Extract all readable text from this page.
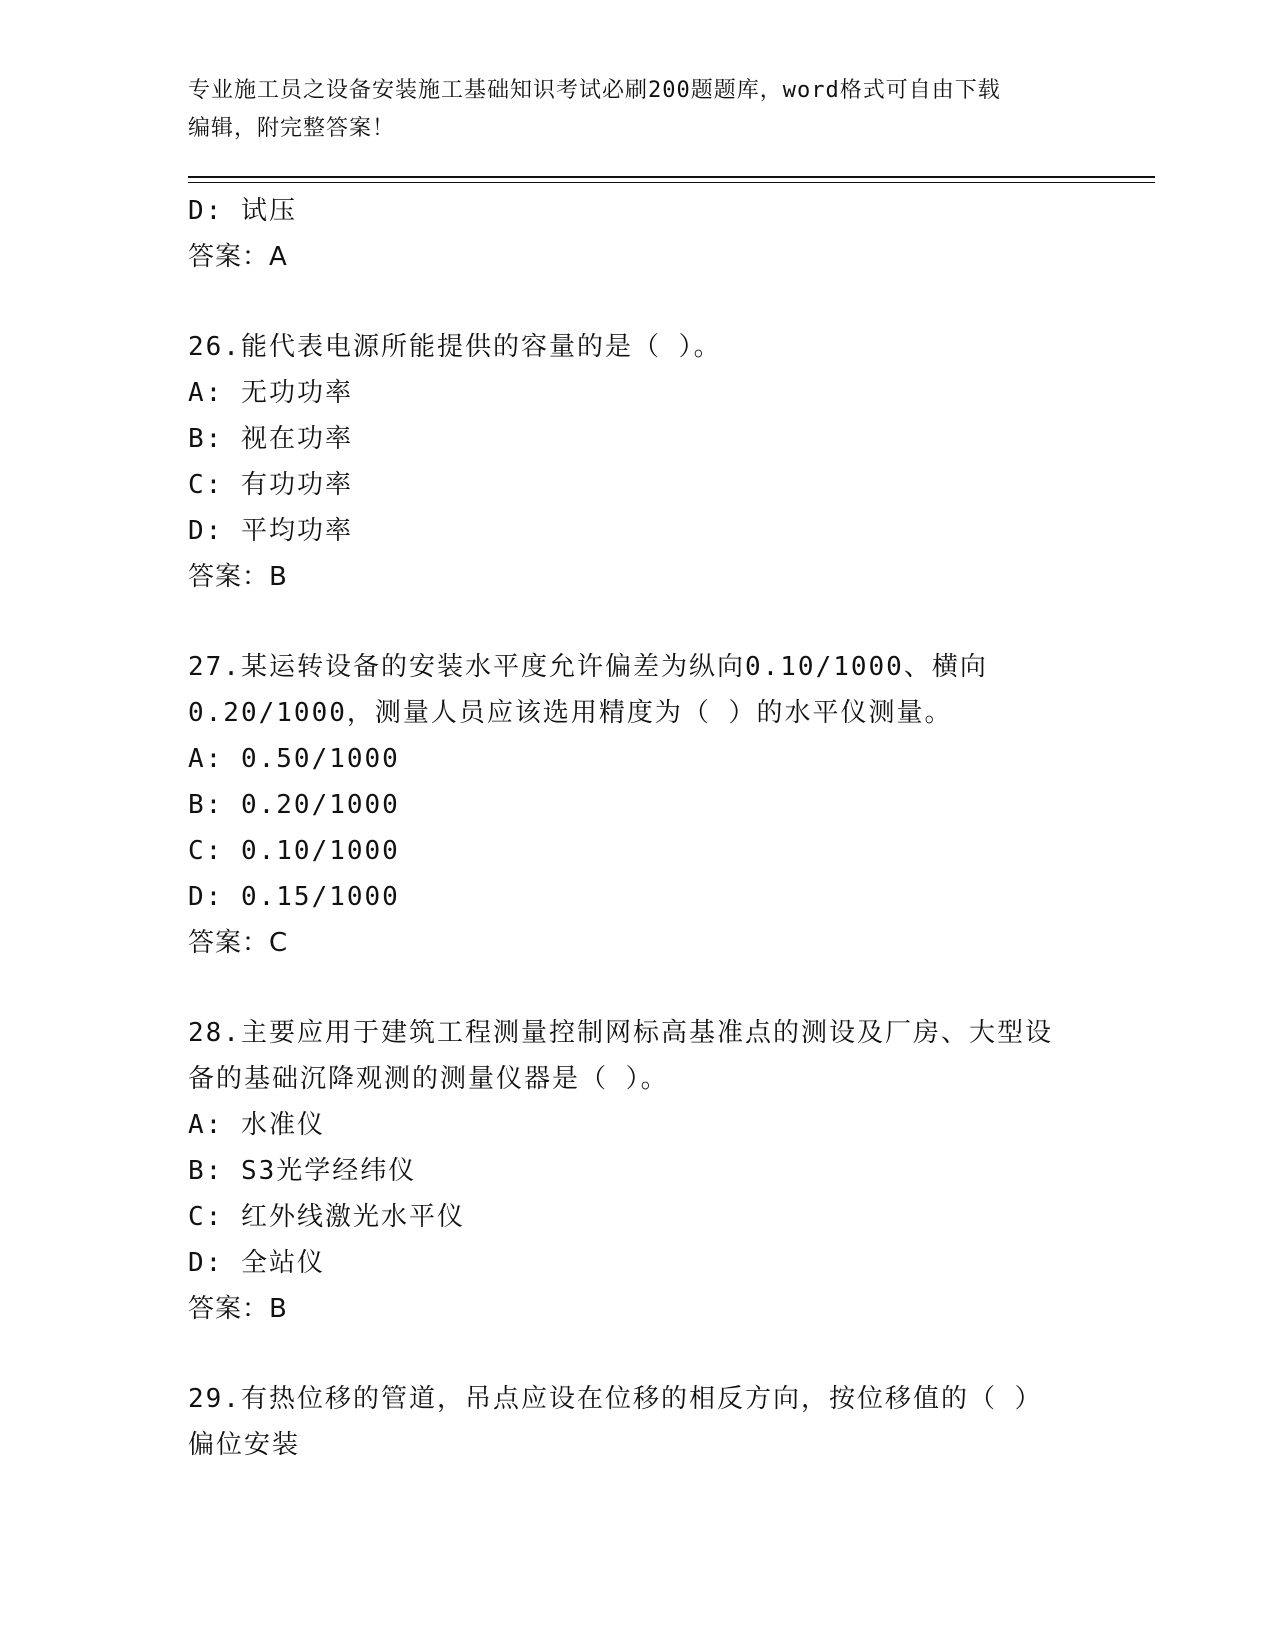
专业施工员之设备安装施工基础知识考试必刷200题题库，word格式可自由下载
编辑，附完整答案！
D: 试压
答案：A
26.能代表电源所能提供的容量的是（ ）。
A: 无功功率
B: 视在功率
C: 有功功率
D: 平均功率
答案：B
27.某运转设备的安装水平度允许偏差为纵向0.10/1000、横向
0.20/1000，测量人员应该选用精度为（ ）的水平仪测量。
A: 0.50/1000
B: 0.20/1000
C: 0.10/1000
D: 0.15/1000
答案：C
28.主要应用于建筑工程测量控制网标高基准点的测设及厂房、大型设
备的基础沉降观测的测量仪器是（ ）。
A: 水准仪
B: S3光学经纬仪
C: 红外线激光水平仪
D: 全站仪
答案：B
29.有热位移的管道，吊点应设在位移的相反方向，按位移值的（ ）
偏位安装
